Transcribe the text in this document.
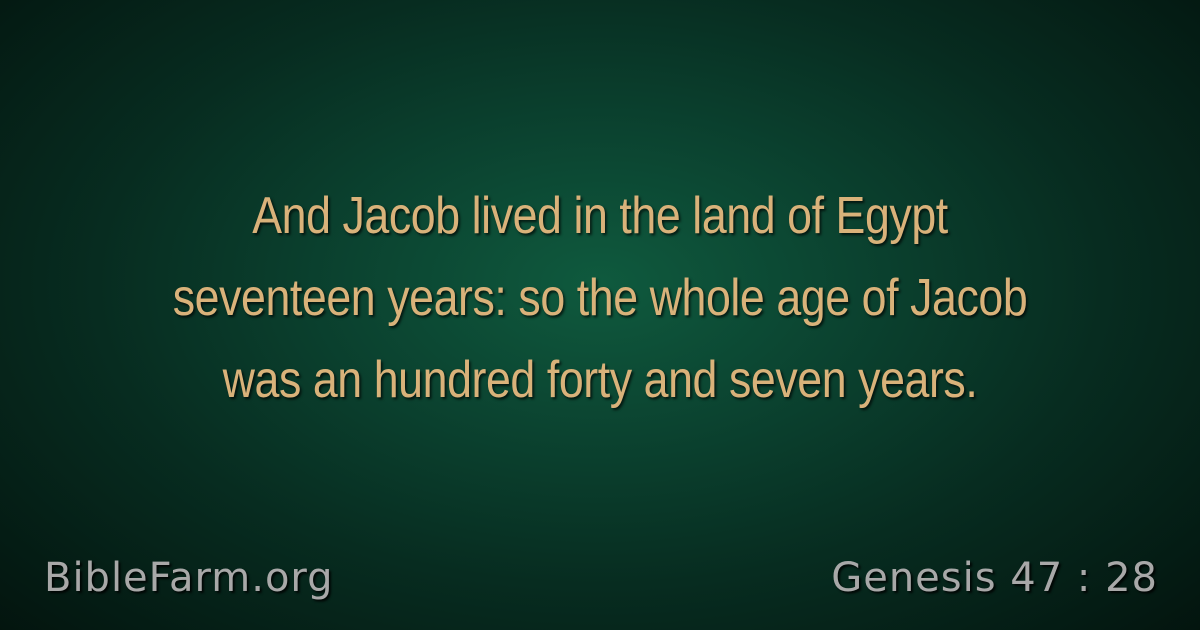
And Jacob lived in the land of Egypt
seventeen years: so the whole age of Jacob
was an hundred forty and seven years.
BibleFarm.org	Genesis 47 : 28
